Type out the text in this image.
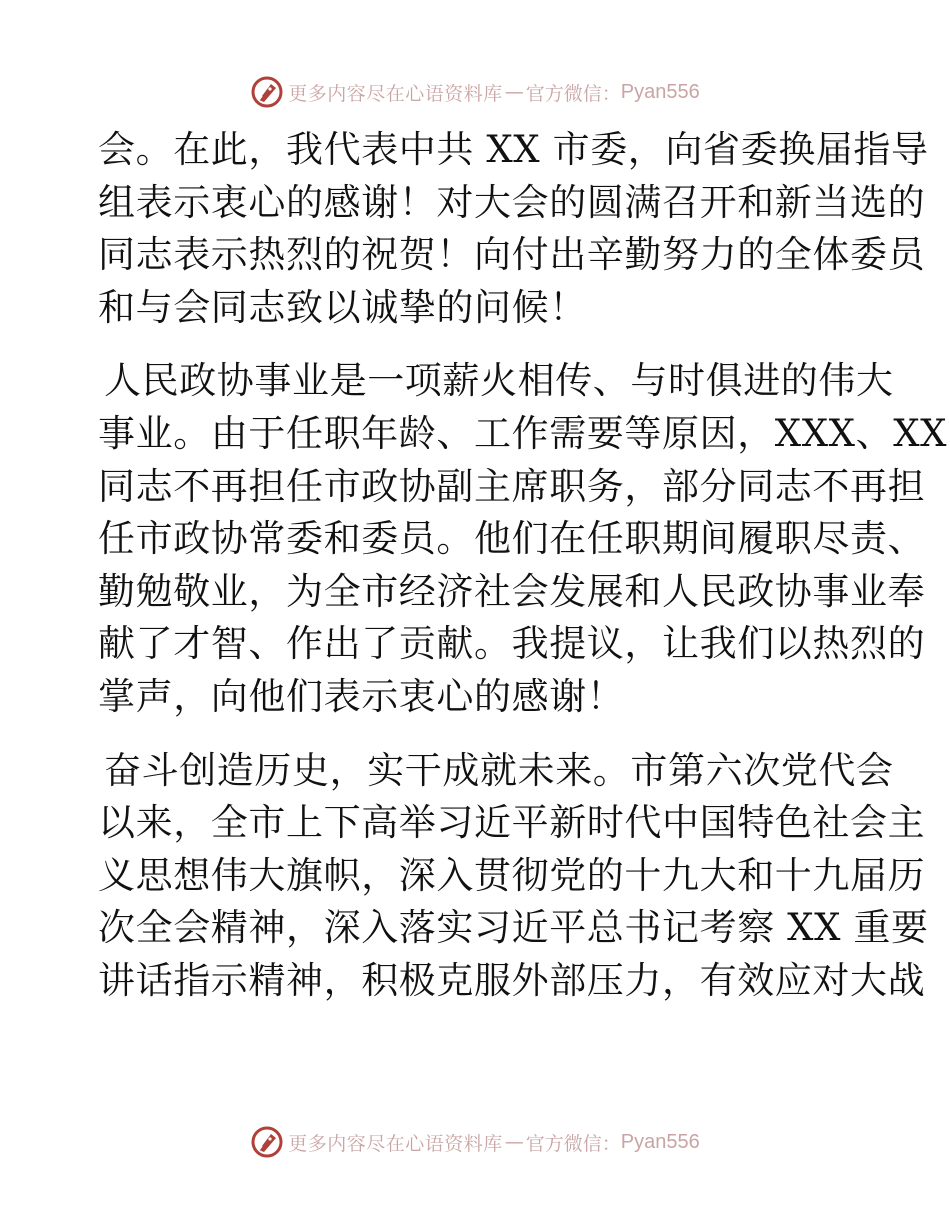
更多内容尽在心语资料库 — 官方微信： Pyan556
会。在此，我代表中共 XX 市委，向省委换届指导
组表示衷心的感谢！对大会的圆满召开和新当选的
同志表示热烈的祝贺！向付出辛勤努力的全体委员
和与会同志致以诚挚的问候！
人民政协事业是一项薪火相传、与时俱进的伟大
事业。由于任职年龄、工作需要等原因，XXX、XX
同志不再担任市政协副主席职务，部分同志不再担
任市政协常委和委员。他们在任职期间履职尽责、
勤勉敬业，为全市经济社会发展和人民政协事业奉
献了才智、作出了贡献。我提议，让我们以热烈的
掌声，向他们表示衷心的感谢！
奋斗创造历史，实干成就未来。市第六次党代会
以来，全市上下高举习近平新时代中国特色社会主
义思想伟大旗帜，深入贯彻党的十九大和十九届历
次全会精神，深入落实习近平总书记考察 XX 重要
讲话指示精神，积极克服外部压力，有效应对大战
更多内容尽在心语资料库 — 官方微信： Pyan556
